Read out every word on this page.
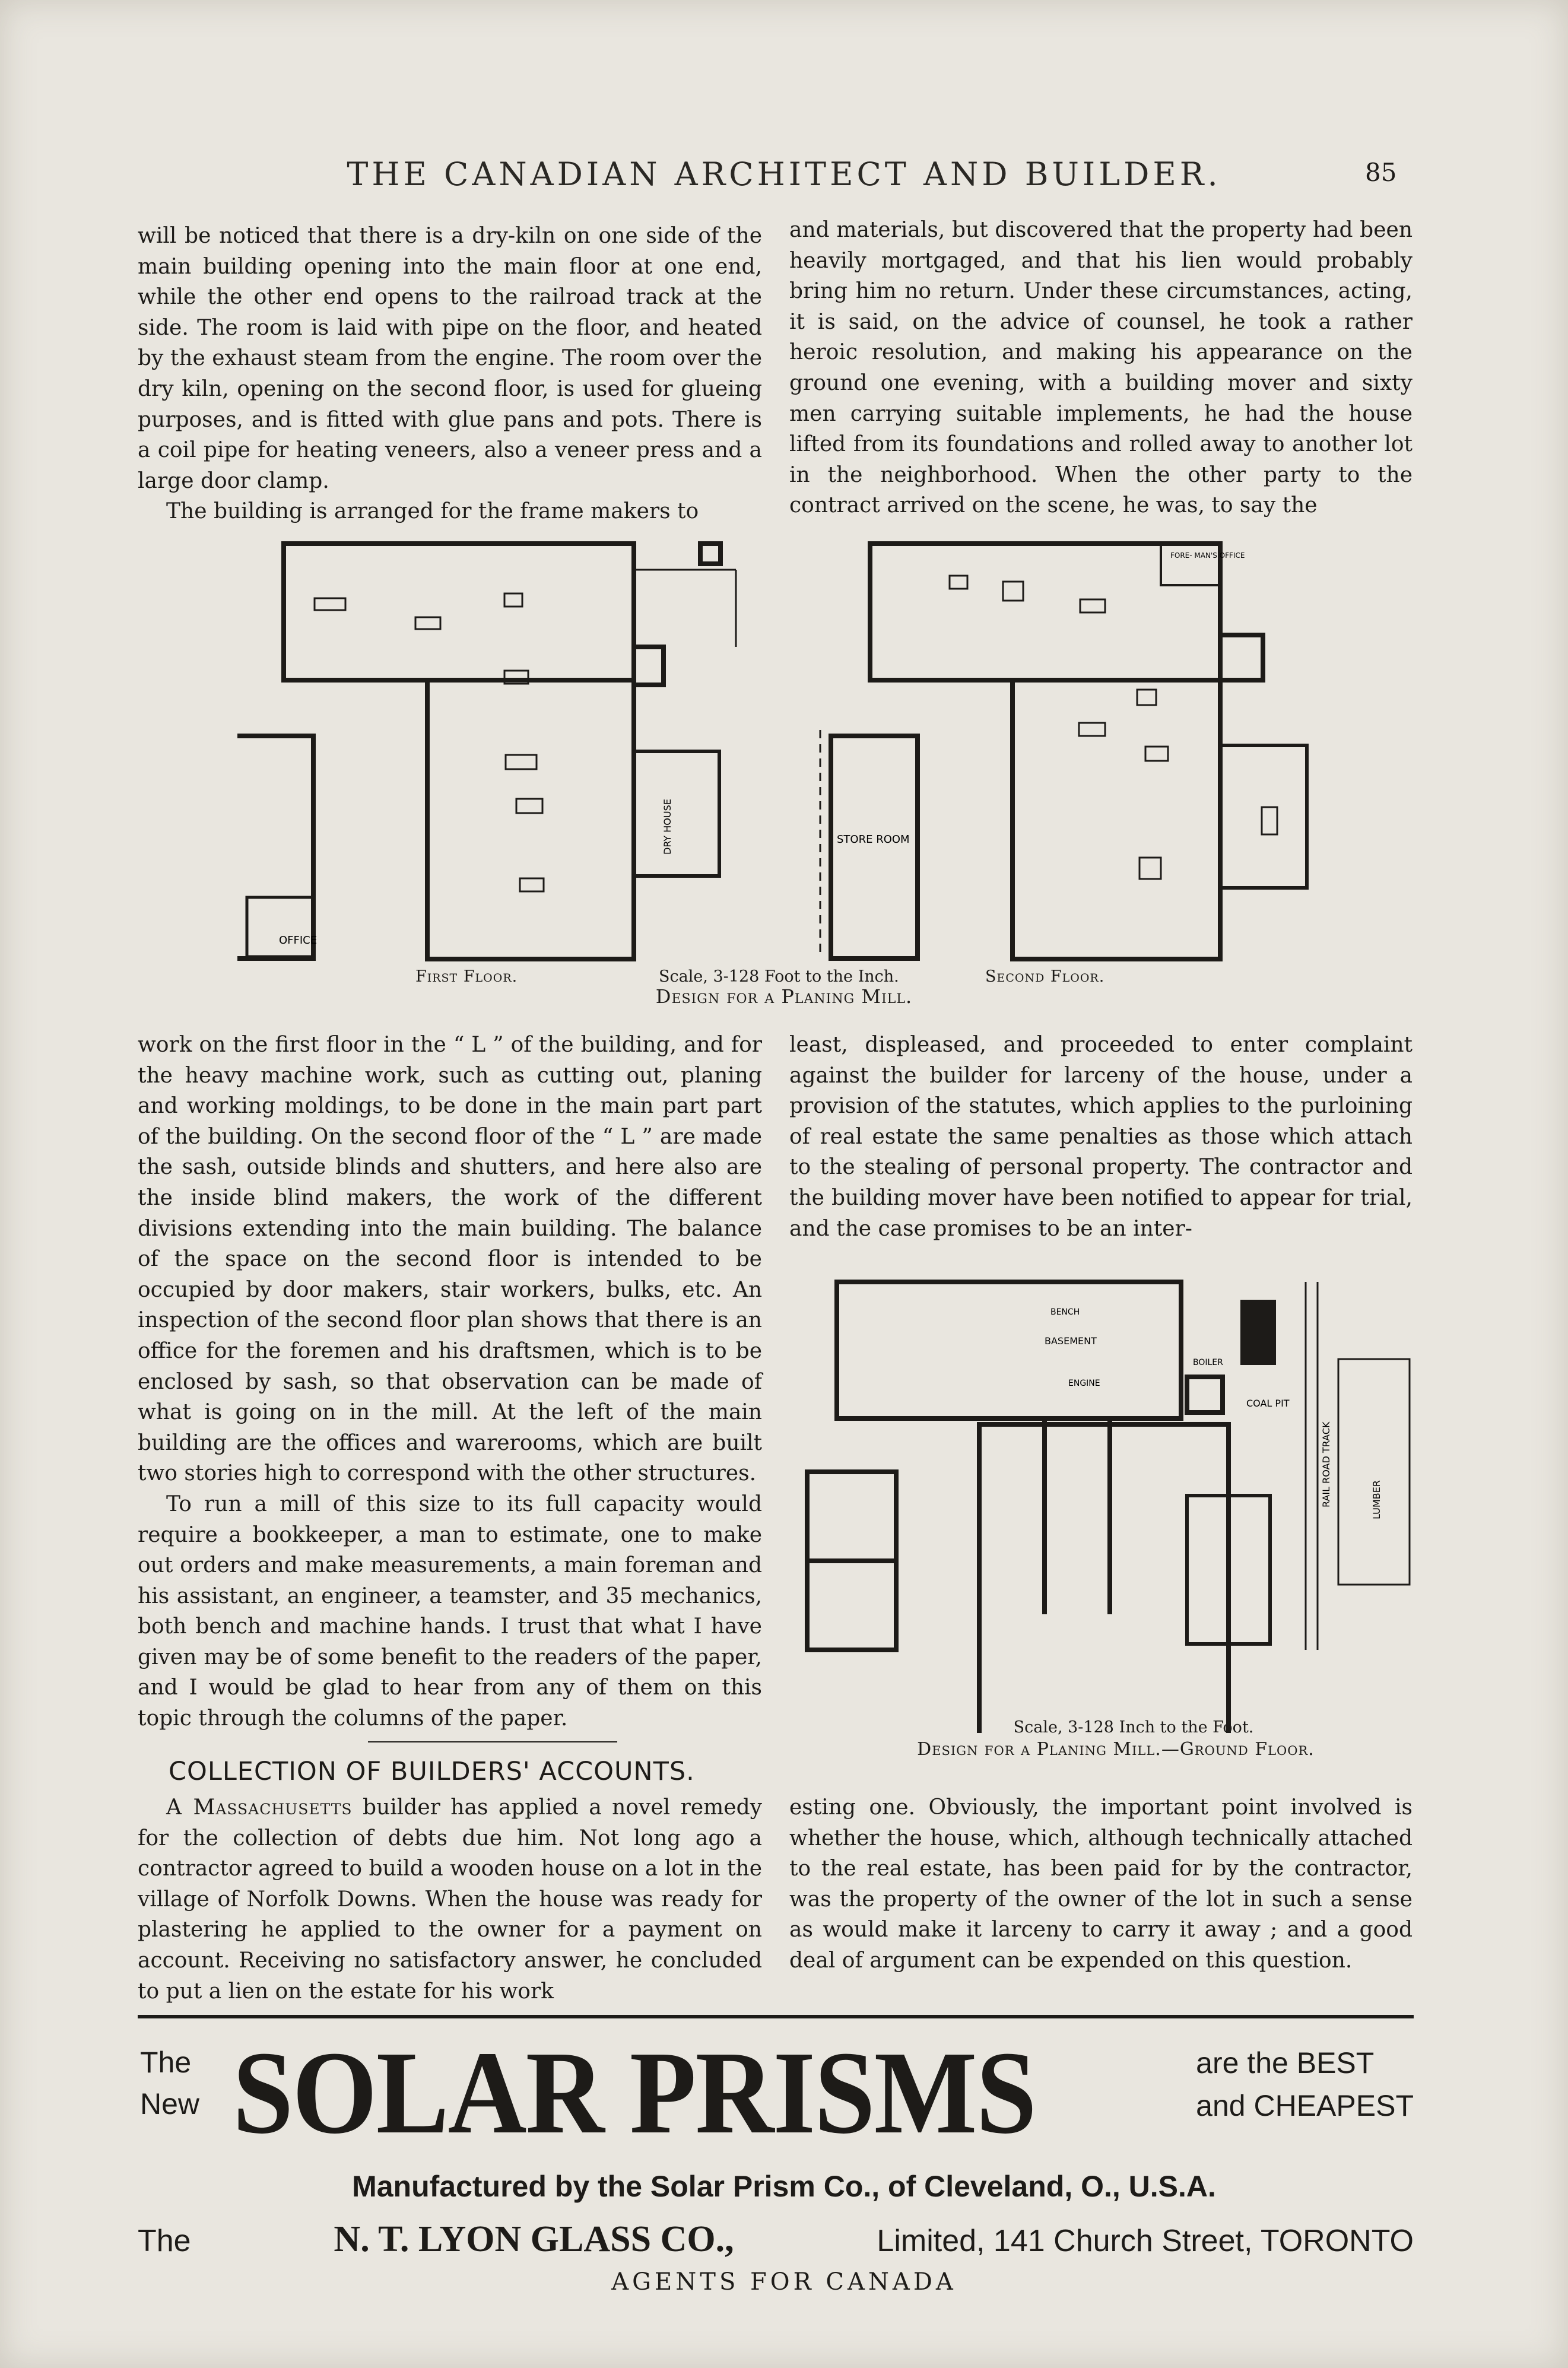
THE CANADIAN ARCHITECT AND BUILDER.	85

will be noticed that there is a dry-kiln on one side of the main building opening into the main floor at one end, while the other end opens to the railroad track at the side. The room is laid with pipe on the floor, and heated by the exhaust steam from the engine. The room over the dry kiln, opening on the second floor, is used for glueing purposes, and is fitted with glue pans and pots. There is a coil pipe for heating veneers, also a veneer press and a large door clamp.

The building is arranged for the frame makers to

and materials, but discovered that the property had been heavily mortgaged, and that his lien would probably bring him no return. Under these circumstances, acting, it is said, on the advice of counsel, he took a rather heroic resolution, and making his appearance on the ground one evening, with a building mover and sixty men carrying suitable implements, he had the house lifted from its foundations and rolled away to another lot in the neighborhood. When the other party to the contract arrived on the scene, he was, to say the

OFFICE
STORE ROOM
DRY HOUSE
FORE- MAN'S OFFICE
First Floor.	Scale, 3-128 Foot to the Inch.	Second Floor.
Design for a Planing Mill.

work on the first floor in the “ L ” of the building, and for the heavy machine work, such as cutting out, planing and working moldings, to be done in the main part part of the building. On the second floor of the “ L ” are made the sash, outside blinds and shutters, and here also are the inside blind makers, the work of the different divisions extending into the main building. The balance of the space on the second floor is intended to be occupied by door makers, stair workers, bulks, etc. An inspection of the second floor plan shows that there is an office for the foremen and his draftsmen, which is to be enclosed by sash, so that observation can be made of what is going on in the mill. At the left of the main building are the offices and warerooms, which are built two stories high to correspond with the other structures.

To run a mill of this size to its full capacity would require a bookkeeper, a man to estimate, one to make out orders and make measurements, a main foreman and his assistant, an engineer, a teamster, and 35 mechanics, both bench and machine hands. I trust that what I have given may be of some benefit to the readers of the paper, and I would be glad to hear from any of them on this topic through the columns of the paper.

least, displeased, and proceeded to enter complaint against the builder for larceny of the house, under a provision of the statutes, which applies to the purloining of real estate the same penalties as those which attach to the stealing of personal property. The contractor and the building mover have been notified to appear for trial, and the case promises to be an inter-

BENCH
BASEMENT
ENGINE
BOILER
COAL PIT
RAIL ROAD TRACK	LUMBER
Scale, 3-128 Inch to the Foot.
Design for a Planing Mill.—Ground Floor.
COLLECTION OF BUILDERS' ACCOUNTS.

A Massachusetts builder has applied a novel remedy for the collection of debts due him. Not long ago a contractor agreed to build a wooden house on a lot in the village of Norfolk Downs. When the house was ready for plastering he applied to the owner for a payment on account. Receiving no satisfactory answer, he concluded to put a lien on the estate for his work

esting one. Obviously, the important point involved is whether the house, which, although technically attached to the real estate, has been paid for by the contractor, was the property of the owner of the lot in such a sense as would make it larceny to carry it away ; and a good deal of argument can be expended on this question.

The
New SOLAR PRISMS	are the BEST
and CHEAPEST
Manufactured by the Solar Prism Co., of Cleveland, O., U.S.A.
The	N. T. LYON GLASS CO.,	Limited, 141 Church Street, TORONTO
AGENTS FOR CANADA
